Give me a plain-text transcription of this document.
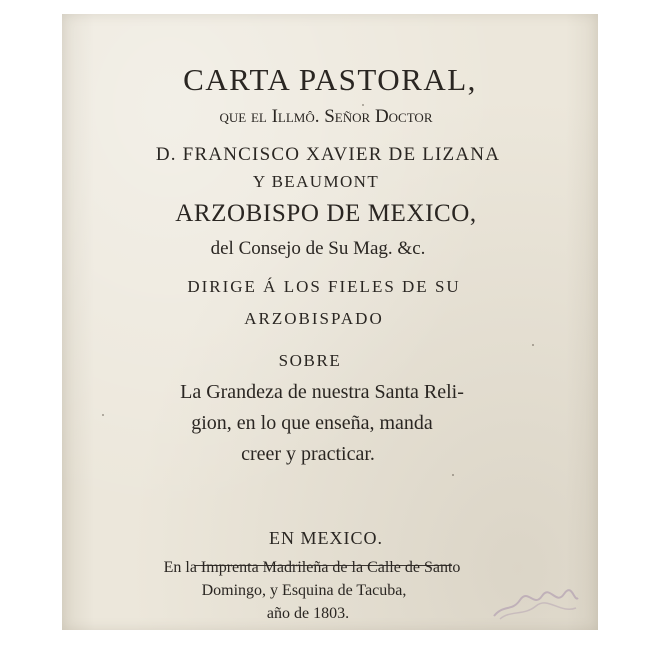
CARTA PASTORAL,
que el Illmô. Señor Doctor
D. FRANCISCO XAVIER DE LIZANA
Y BEAUMONT
ARZOBISPO DE MEXICO,
del Consejo de Su Mag. &c.
DIRIGE Á LOS FIELES DE SU
ARZOBISPADO
SOBRE
La Grandeza de nuestra Santa Reli-
gion, en lo que enseña, manda
creer y practicar.
EN MEXICO.
En la Imprenta Madrileña de la Calle de Santo
Domingo, y Esquina de Tacuba,
año de 1803.
